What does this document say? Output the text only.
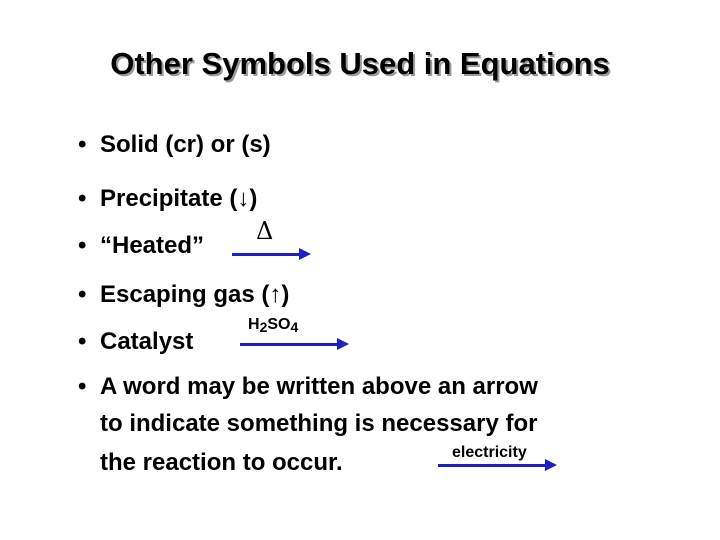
Other Symbols Used in Equations
• Solid (cr) or (s)
• Precipitate (↓)
• “Heated”
Δ
• Escaping gas (↑)
• Catalyst
$H_2SO_4$
• A word may be written above an arrow
to indicate something is necessary for
the reaction to occur.	electricity
